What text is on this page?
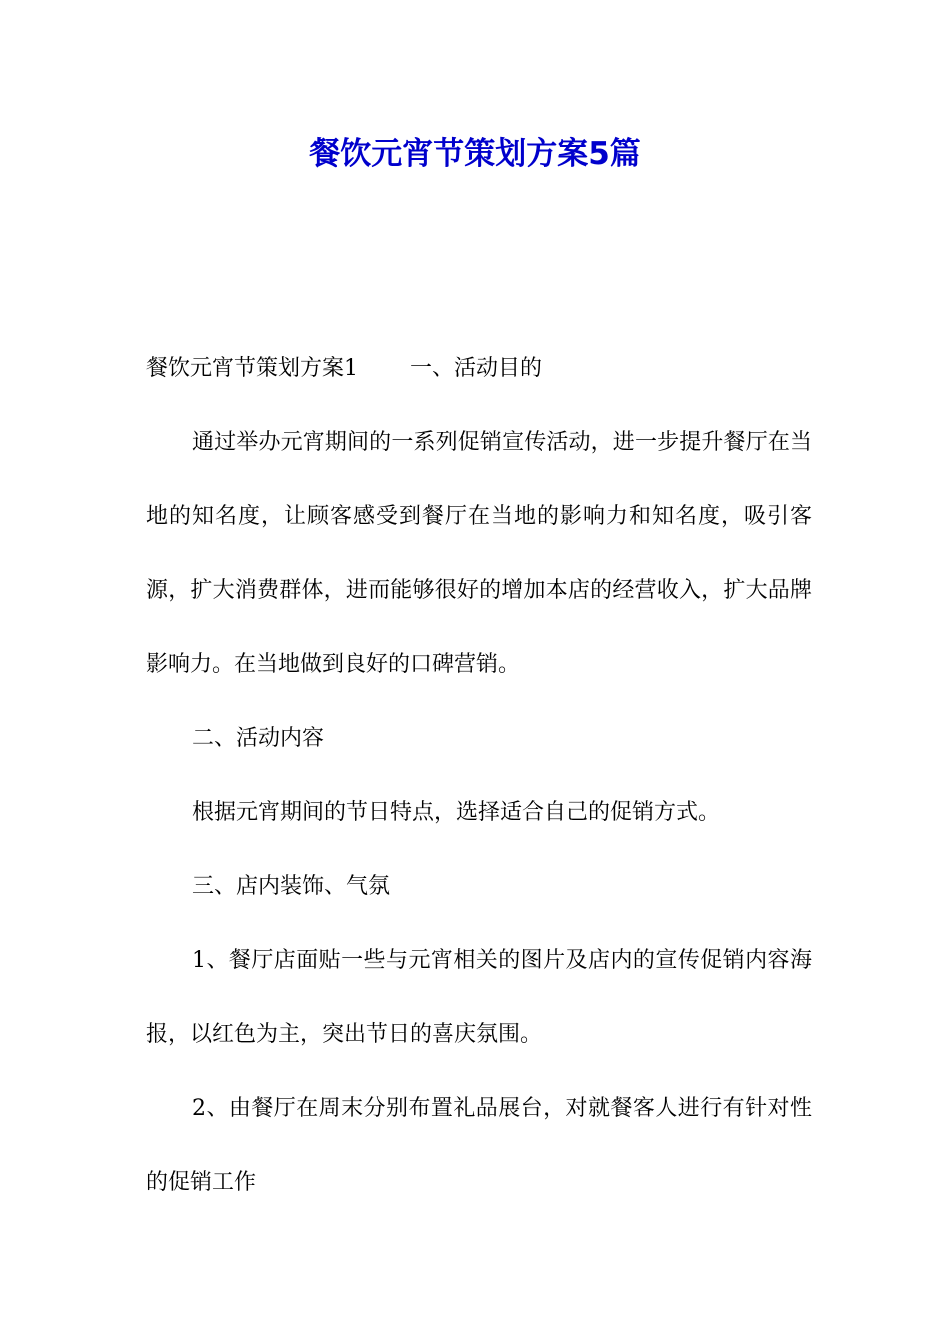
餐饮元宵节策划方案5篇

餐饮元宵节策划方案1 一、活动目的

通过举办元宵期间的一系列促销宣传活动，进一步提升餐厅在当地的知名度，让顾客感受到餐厅在当地的影响力和知名度，吸引客源，扩大消费群体，进而能够很好的增加本店的经营收入，扩大品牌影响力。在当地做到良好的口碑营销。

二、活动内容

根据元宵期间的节日特点，选择适合自己的促销方式。

三、店内装饰、气氛

1、餐厅店面贴一些与元宵相关的图片及店内的宣传促销内容海报，以红色为主，突出节日的喜庆氛围。

2、由餐厅在周末分别布置礼品展台，对就餐客人进行有针对性的促销工作
